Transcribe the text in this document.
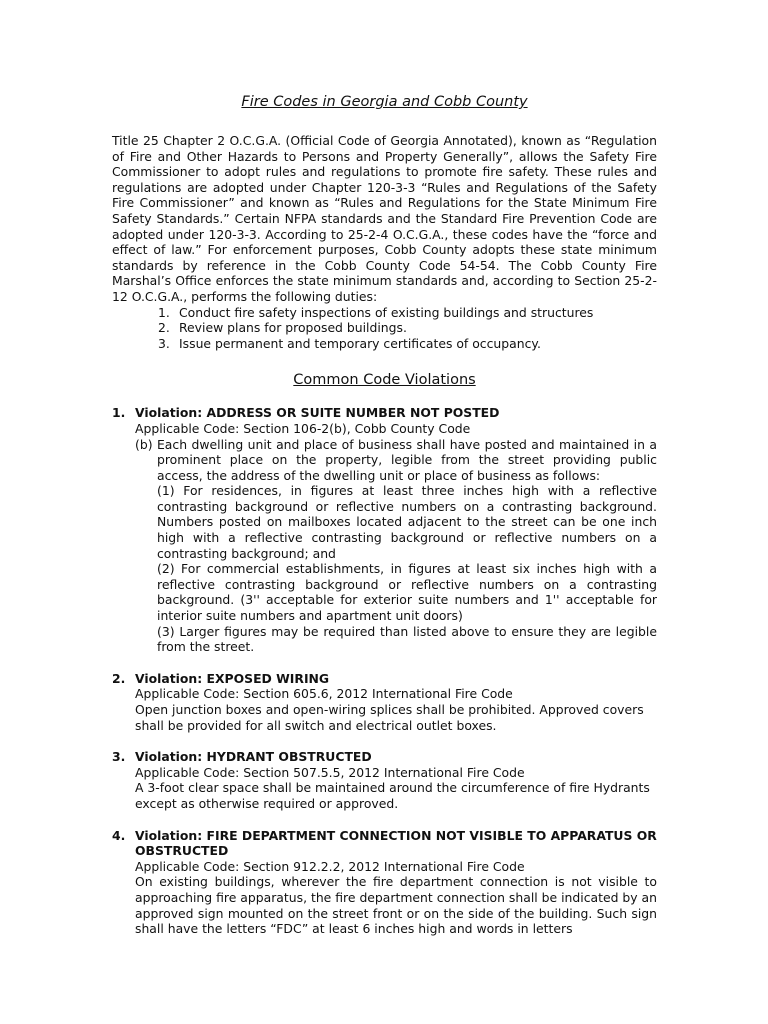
Fire Codes in Georgia and Cobb County

Title 25 Chapter 2 O.C.G.A. (Official Code of Georgia Annotated), known as “Regulation of Fire and Other Hazards to Persons and Property Generally”, allows the Safety Fire Commissioner to adopt rules and regulations to promote fire safety. These rules and regulations are adopted under Chapter 120-3-3 “Rules and Regulations of the Safety Fire Commissioner” and known as “Rules and Regulations for the State Minimum Fire Safety Standards.” Certain NFPA standards and the Standard Fire Prevention Code are adopted under 120-3-3. According to 25-2-4 O.C.G.A., these codes have the “force and effect of law.” For enforcement purposes, Cobb County adopts these state minimum standards by reference in the Cobb County Code 54-54. The Cobb County Fire Marshal’s Office enforces the state minimum standards and, according to Section 25-2-12 O.C.G.A., performs the following duties:

1. Conduct fire safety inspections of existing buildings and structures
2. Review plans for proposed buildings.
3. Issue permanent and temporary certificates of occupancy.
Common Code Violations
1. Violation: ADDRESS OR SUITE NUMBER NOT POSTED
Applicable Code: Section 106-2(b), Cobb County Code
(b) Each dwelling unit and place of business shall have posted and maintained in a prominent place on the property, legible from the street providing public access, the address of the dwelling unit or place of business as follows:
(1) For residences, in figures at least three inches high with a reflective contrasting background or reflective numbers on a contrasting background. Numbers posted on mailboxes located adjacent to the street can be one inch high with a reflective contrasting background or reflective numbers on a contrasting background; and
(2) For commercial establishments, in figures at least six inches high with a reflective contrasting background or reflective numbers on a contrasting background. (3'' acceptable for exterior suite numbers and 1'' acceptable for interior suite numbers and apartment unit doors)
(3) Larger figures may be required than listed above to ensure they are legible from the street.
2. Violation: EXPOSED WIRING
Applicable Code: Section 605.6, 2012 International Fire Code
Open junction boxes and open-wiring splices shall be prohibited. Approved covers shall be provided for all switch and electrical outlet boxes.
3. Violation: HYDRANT OBSTRUCTED
Applicable Code: Section 507.5.5, 2012 International Fire Code
A 3-foot clear space shall be maintained around the circumference of fire Hydrants except as otherwise required or approved.
4. Violation: FIRE DEPARTMENT CONNECTION NOT VISIBLE TO APPARATUS OR OBSTRUCTED
Applicable Code: Section 912.2.2, 2012 International Fire Code
On existing buildings, wherever the fire department connection is not visible to approaching fire apparatus, the fire department connection shall be indicated by an approved sign mounted on the street front or on the side of the building. Such sign shall have the letters “FDC” at least 6 inches high and words in letters
